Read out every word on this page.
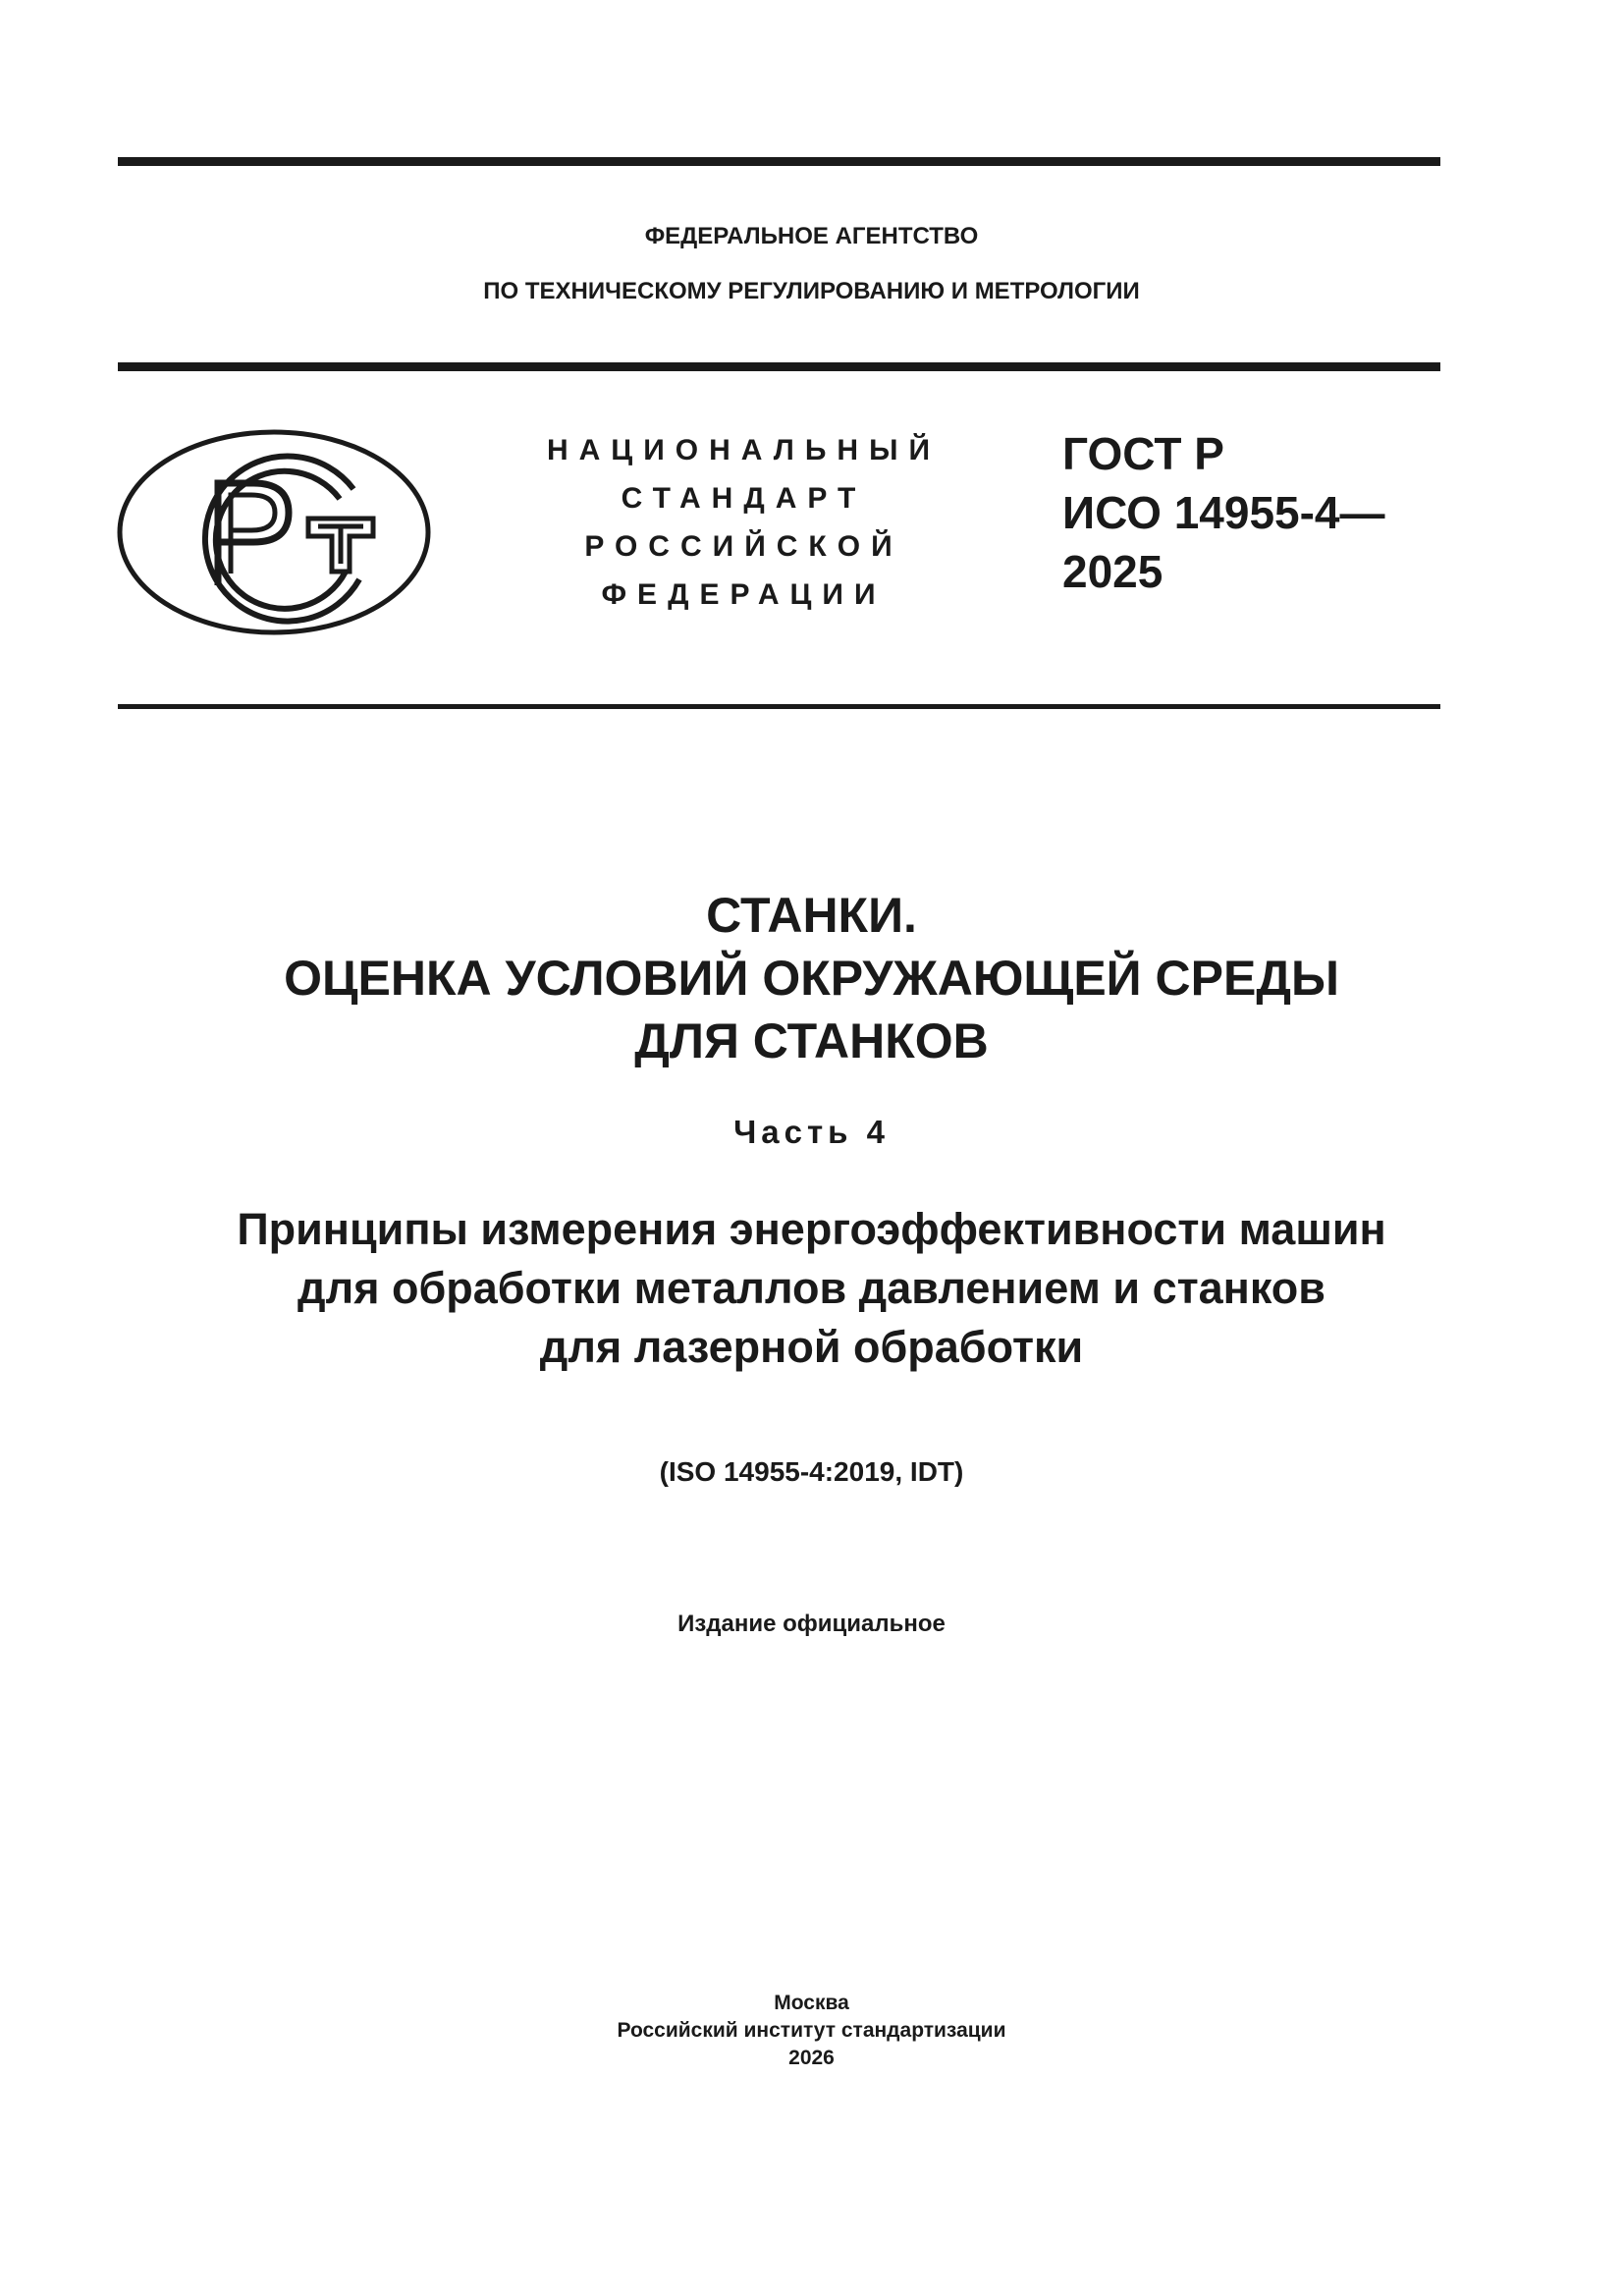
ФЕДЕРАЛЬНОЕ АГЕНТСТВО
ПО ТЕХНИЧЕСКОМУ РЕГУЛИРОВАНИЮ И МЕТРОЛОГИИ
НАЦИОНАЛЬНЫЙ
СТАНДАРТ
РОССИЙСКОЙ
ФЕДЕРАЦИИ
ГОСТ Р
ИСО 14955-4—
2025
СТАНКИ.
ОЦЕНКА УСЛОВИЙ ОКРУЖАЮЩЕЙ СРЕДЫ
ДЛЯ СТАНКОВ
Часть 4
Принципы измерения энергоэффективности машин
для обработки металлов давлением и станков
для лазерной обработки
(ISO 14955-4:2019, IDT)
Издание официальное
Москва
Российский институт стандартизации
2026
